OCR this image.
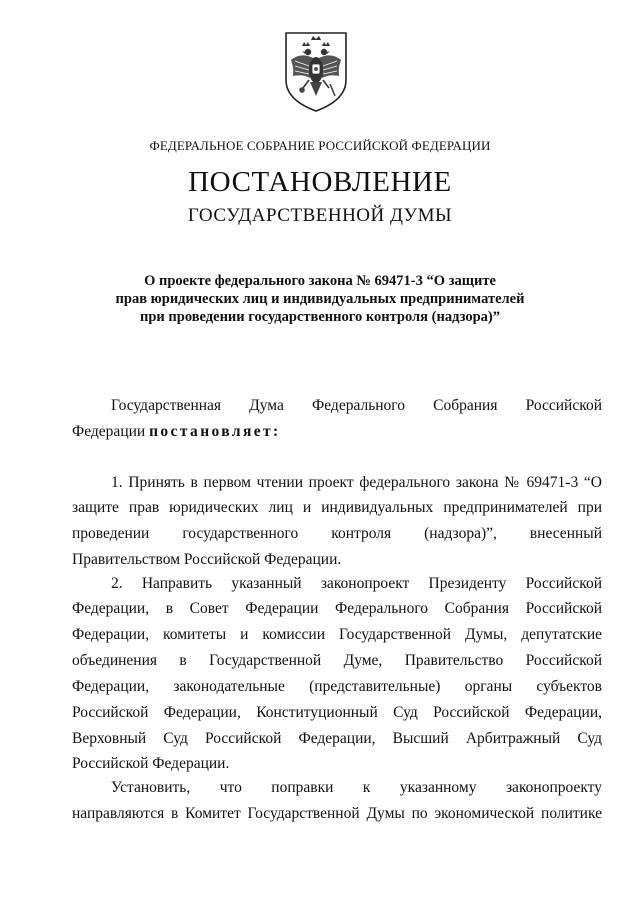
ФЕДЕРАЛЬНОЕ СОБРАНИЕ РОССИЙСКОЙ ФЕДЕРАЦИИ
ПОСТАНОВЛЕНИЕ
ГОСУДАРСТВЕННОЙ ДУМЫ
О проекте федерального закона № 69471-3 “О защите
прав юридических лиц и индивидуальных предпринимателей
при проведении государственного контроля (надзора)”
Государственная Дума Федерального Собрания Российской
Федерации постановляет:
1. Принять в первом чтении проект федерального закона № 69471-3 “О
защите прав юридических лиц и индивидуальных предпринимателей при
проведении государственного контроля (надзора)”, внесенный
Правительством Российской Федерации.
2. Направить указанный законопроект Президенту Российской
Федерации, в Совет Федерации Федерального Собрания Российской
Федерации, комитеты и комиссии Государственной Думы, депутатские
объединения в Государственной Думе, Правительство Российской
Федерации, законодательные (представительные) органы субъектов
Российской Федерации, Конституционный Суд Российской Федерации,
Верховный Суд Российской Федерации, Высший Арбитражный Суд
Российской Федерации.
Установить, что поправки к указанному законопроекту
направляются в Комитет Государственной Думы по экономической политике
